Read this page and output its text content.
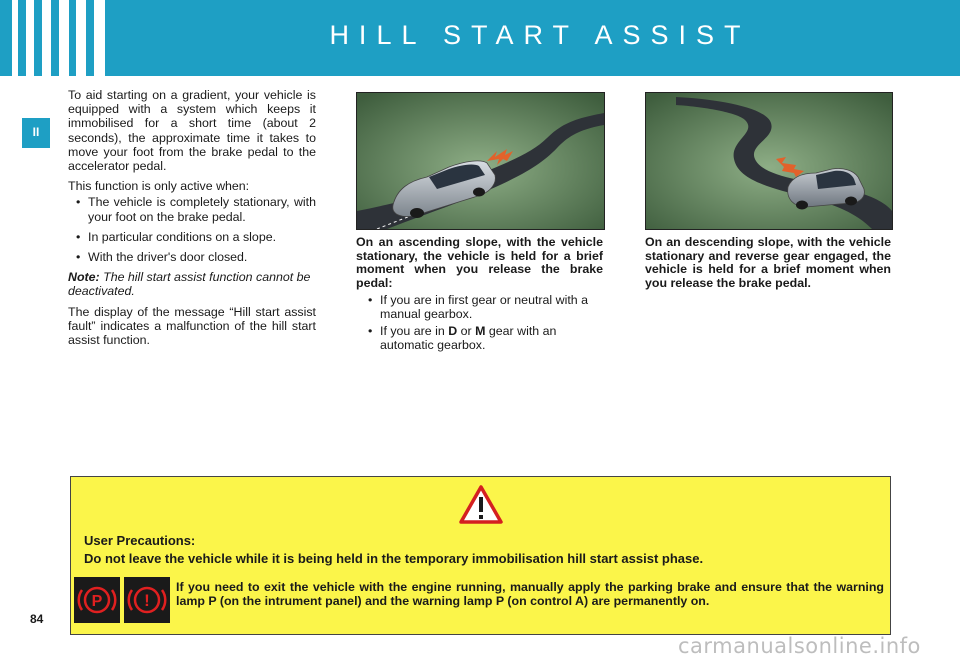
HILL START ASSIST
II

To aid starting on a gradient, your vehicle is equipped with a system which keeps it immobilised for a short time (about 2 seconds), the approximate time it takes to move your foot from the brake pedal to the accelerator pedal.

This function is only active when:

• The vehicle is completely stationary, with your foot on the brake pedal.
• In particular conditions on a slope.
• With the driver's door closed.

Note: The hill start assist function cannot be deactivated.

The display of the message “Hill start assist fault” indicates a malfunction of the hill start assist function.

On an ascending slope, with the vehicle stationary, the vehicle is held for a brief moment when you release the brake pedal:

• If you are in first gear or neutral with a manual gearbox.
• If you are in D or M gear with an automatic gearbox.

On an descending slope, with the vehicle stationary and reverse gear engaged, the vehicle is held for a brief moment when you release the brake pedal.

User Precautions:
Do not leave the vehicle while it is being held in the temporary immobilisation hill start assist phase.
P !
If you need to exit the vehicle with the engine running, manually apply the parking brake and ensure that the warning lamp P (on the intrument panel) and the warning lamp P (on control A) are permanently on.
84
carmanualsonline.info
